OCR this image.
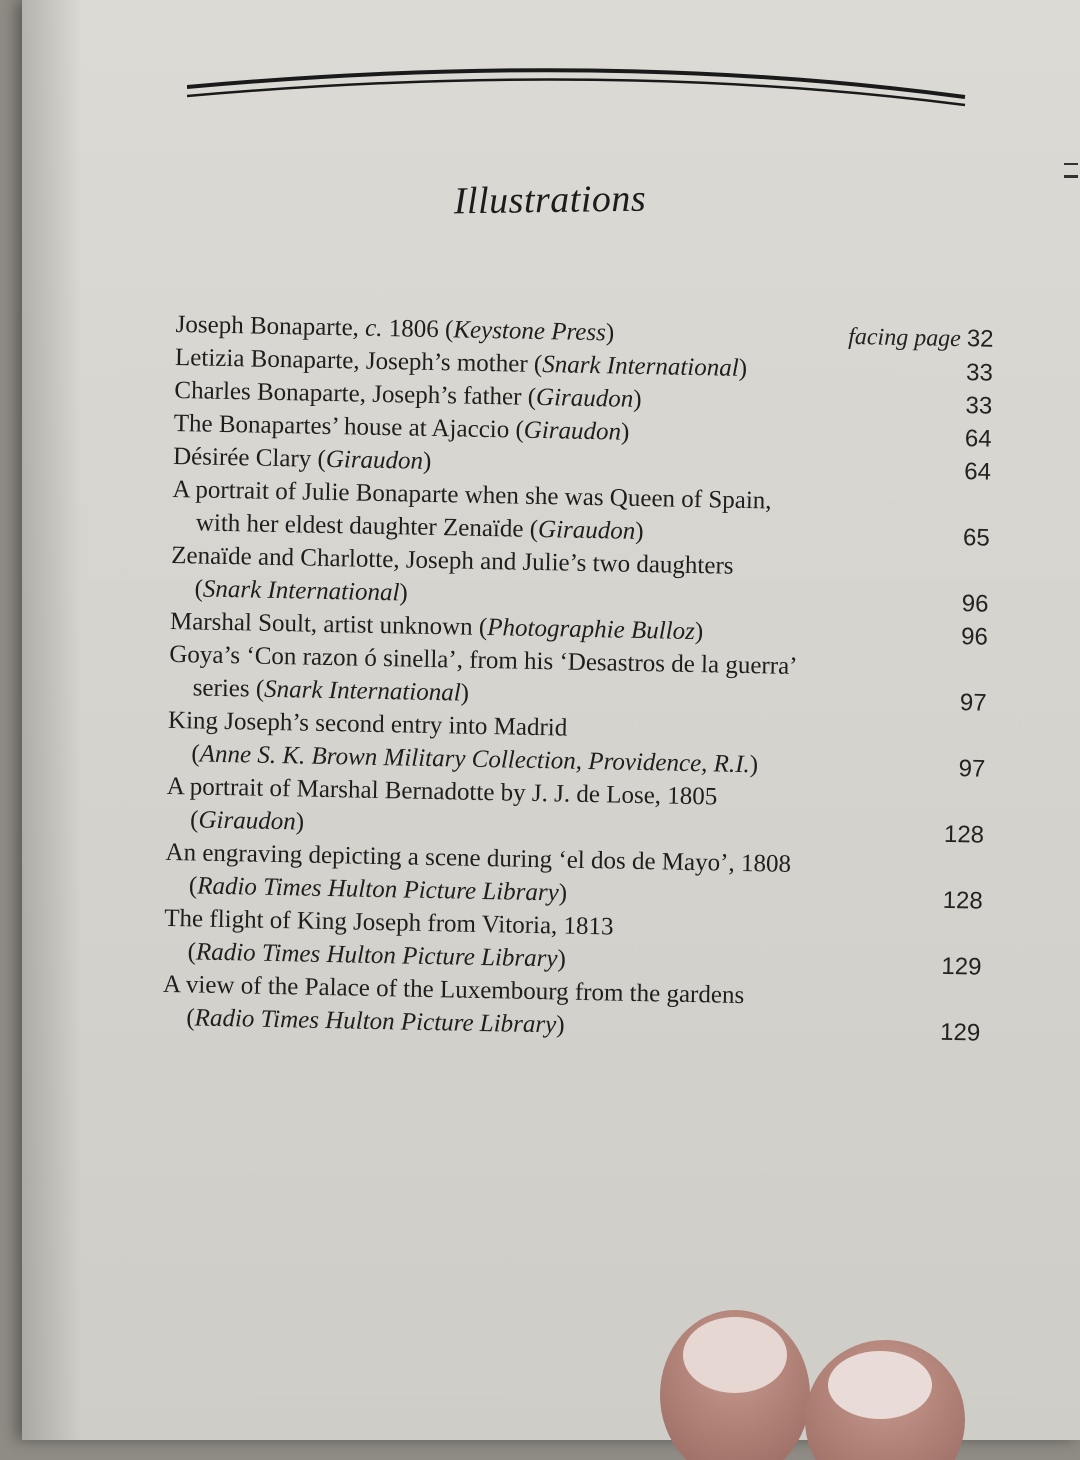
Illustrations
Joseph Bonaparte, c. 1806 (Keystone Press)	facing page 32
Letizia Bonaparte, Joseph’s mother (Snark International)	33
Charles Bonaparte, Joseph’s father (Giraudon)	33
The Bonapartes’ house at Ajaccio (Giraudon)	64
Désirée Clary (Giraudon)	64
A portrait of Julie Bonaparte when she was Queen of Spain,
with her eldest daughter Zenaïde (Giraudon)	65
Zenaïde and Charlotte, Joseph and Julie’s two daughters
(Snark International)	96
Marshal Soult, artist unknown (Photographie Bulloz)	96
Goya’s ‘Con razon ó sinella’, from his ‘Desastros de la guerra’
series (Snark International)	97
King Joseph’s second entry into Madrid
(Anne S. K. Brown Military Collection, Providence, R.I.)	97
A portrait of Marshal Bernadotte by J. J. de Lose, 1805
(Giraudon)	128
An engraving depicting a scene during ‘el dos de Mayo’, 1808
(Radio Times Hulton Picture Library)	128
The flight of King Joseph from Vitoria, 1813
(Radio Times Hulton Picture Library)	129
A view of the Palace of the Luxembourg from the gardens
(Radio Times Hulton Picture Library)	129
